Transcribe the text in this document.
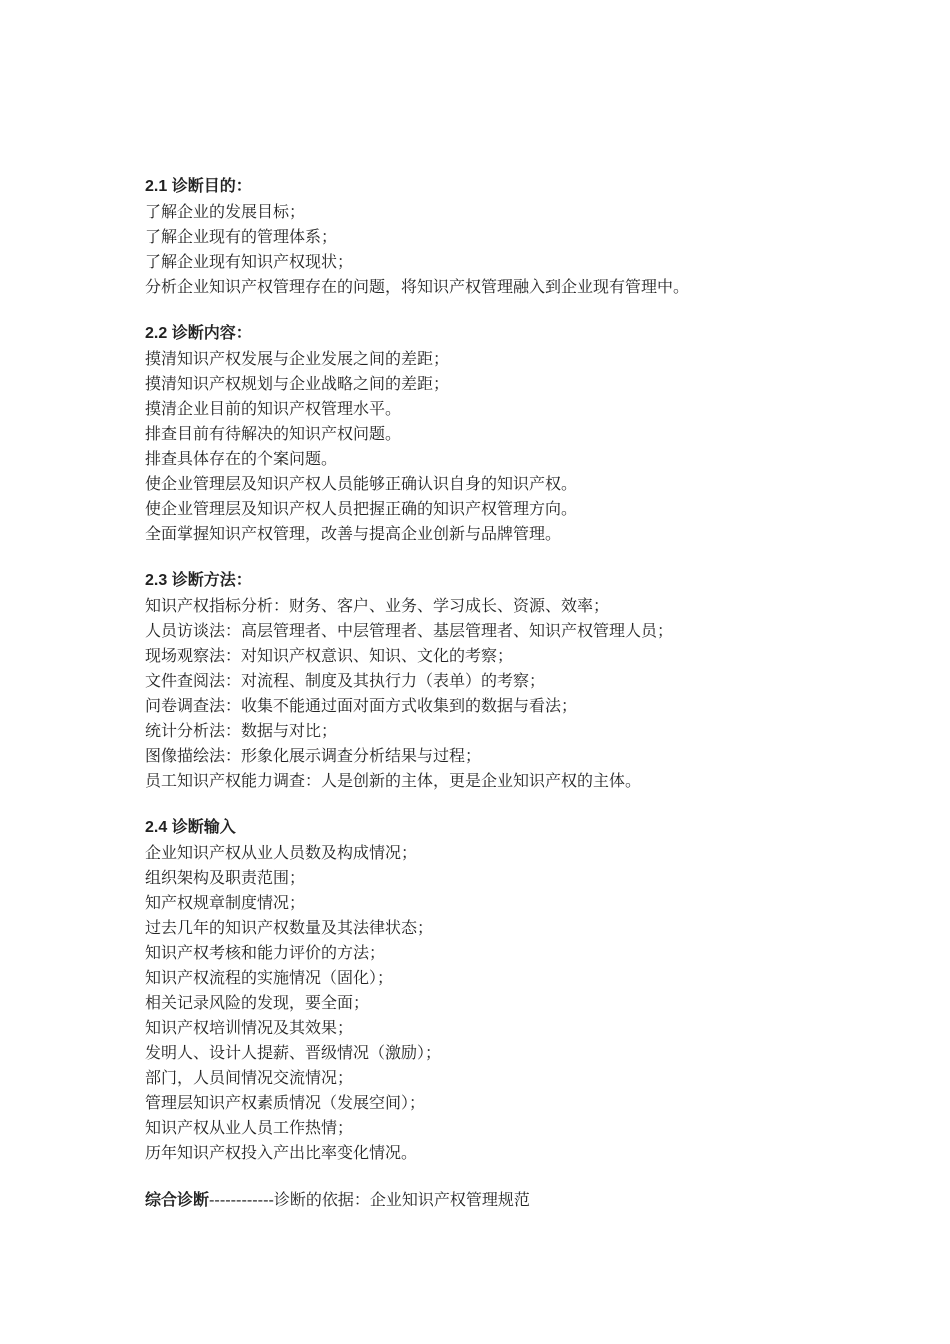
2.1 诊断目的：
了解企业的发展目标；
了解企业现有的管理体系；
了解企业现有知识产权现状；
分析企业知识产权管理存在的问题，将知识产权管理融入到企业现有管理中。
2.2 诊断内容：
摸清知识产权发展与企业发展之间的差距；
摸清知识产权规划与企业战略之间的差距；
摸清企业目前的知识产权管理水平。
排查目前有待解决的知识产权问题。
排查具体存在的个案问题。
使企业管理层及知识产权人员能够正确认识自身的知识产权。
使企业管理层及知识产权人员把握正确的知识产权管理方向。
全面掌握知识产权管理，改善与提高企业创新与品牌管理。
2.3 诊断方法：
知识产权指标分析：财务、客户、业务、学习成长、资源、效率；
人员访谈法：高层管理者、中层管理者、基层管理者、知识产权管理人员；
现场观察法：对知识产权意识、知识、文化的考察；
文件查阅法：对流程、制度及其执行力（表单）的考察；
问卷调查法：收集不能通过面对面方式收集到的数据与看法；
统计分析法：数据与对比；
图像描绘法：形象化展示调查分析结果与过程；
员工知识产权能力调查：人是创新的主体，更是企业知识产权的主体。
2.4 诊断输入
企业知识产权从业人员数及构成情况；
组织架构及职责范围；
知产权规章制度情况；
过去几年的知识产权数量及其法律状态；
知识产权考核和能力评价的方法；
知识产权流程的实施情况（固化）；
相关记录风险的发现，要全面；
知识产权培训情况及其效果；
发明人、设计人提薪、晋级情况（激励）；
部门，人员间情况交流情况；
管理层知识产权素质情况（发展空间）；
知识产权从业人员工作热情；
历年知识产权投入产出比率变化情况。
综合诊断------------诊断的依据：企业知识产权管理规范
